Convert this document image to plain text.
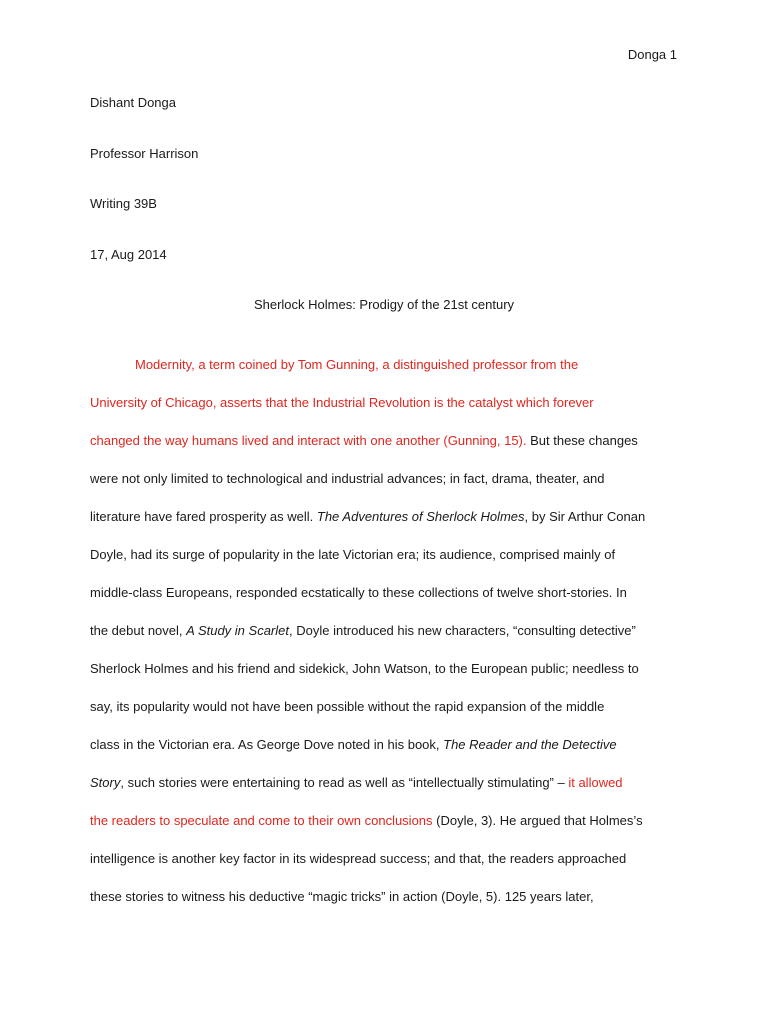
Donga 1
Dishant Donga
Professor Harrison
Writing 39B
17, Aug 2014
Sherlock Holmes: Prodigy of the 21st century
Modernity, a term coined by Tom Gunning, a distinguished professor from the
University of Chicago, asserts that the Industrial Revolution is the catalyst which forever
changed the way humans lived and interact with one another (Gunning, 15). But these changes
were not only limited to technological and industrial advances; in fact, drama, theater, and
literature have fared prosperity as well. The Adventures of Sherlock Holmes, by Sir Arthur Conan
Doyle, had its surge of popularity in the late Victorian era; its audience, comprised mainly of
middle-class Europeans, responded ecstatically to these collections of twelve short-stories. In
the debut novel, A Study in Scarlet, Doyle introduced his new characters, “consulting detective”
Sherlock Holmes and his friend and sidekick, John Watson, to the European public; needless to
say, its popularity would not have been possible without the rapid expansion of the middle
class in the Victorian era. As George Dove noted in his book, The Reader and the Detective
Story, such stories were entertaining to read as well as “intellectually stimulating” – it allowed
the readers to speculate and come to their own conclusions (Doyle, 3). He argued that Holmes’s
intelligence is another key factor in its widespread success; and that, the readers approached
these stories to witness his deductive “magic tricks” in action (Doyle, 5). 125 years later,
